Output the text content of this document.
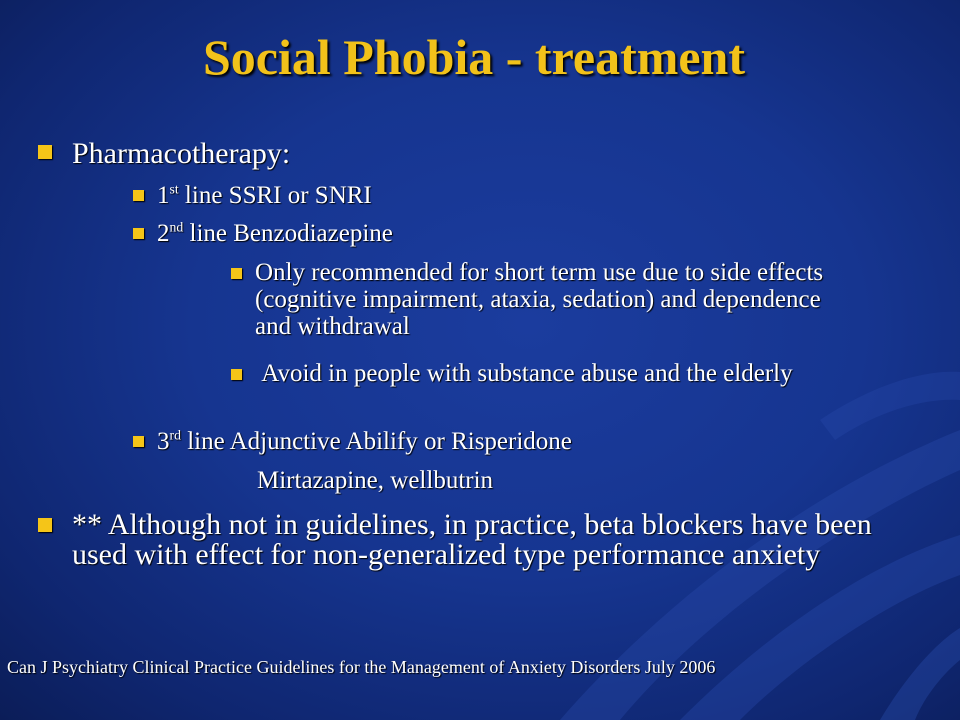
Social Phobia - treatment
Pharmacotherapy:
1st line SSRI or SNRI
2nd line Benzodiazepine
Only recommended for short term use due to side effects (cognitive impairment, ataxia, sedation) and dependence and withdrawal
Avoid in people with substance abuse and the elderly
3rd line Adjunctive Abilify or Risperidone
Mirtazapine, wellbutrin
** Although not in guidelines, in practice, beta blockers have been used with effect for non-generalized type performance anxiety
Can J Psychiatry Clinical Practice Guidelines for the Management of Anxiety Disorders July 2006
